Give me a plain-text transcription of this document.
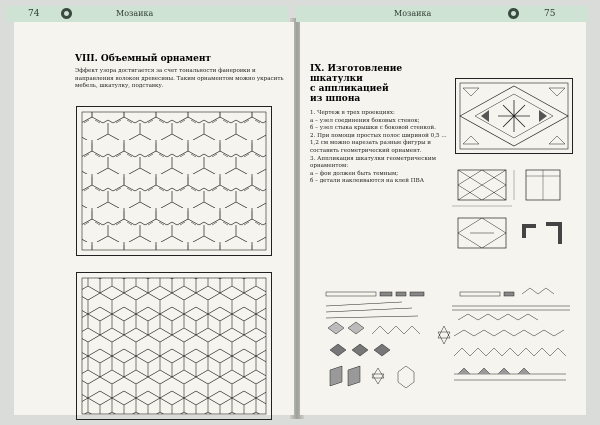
74	Мозаика
VIII. Объемный орнамент
Эффект узора достигается за счет тональности фанеровки и направления волокон древесины. Таким орнаментом можно украсить мебель, шкатулку, подставку.
Мозаика	75
IX. Изготовление
шкатулки
с аппликацией
из шпона
1. Чертеж в трех проекциях:
а – узел соединения боковых стенок;
б – узел стыка крышки с боковой стенкой.
2. При помощи простых полос шириной 0,5 ... 1,2 см можно нарезать разные фигуры и составить геометрический орнамент.
3. Аппликация шкатулки геометрическим орнаментом:
а – фон должен быть темным;
б – детали наклеиваются на клей ПВА
